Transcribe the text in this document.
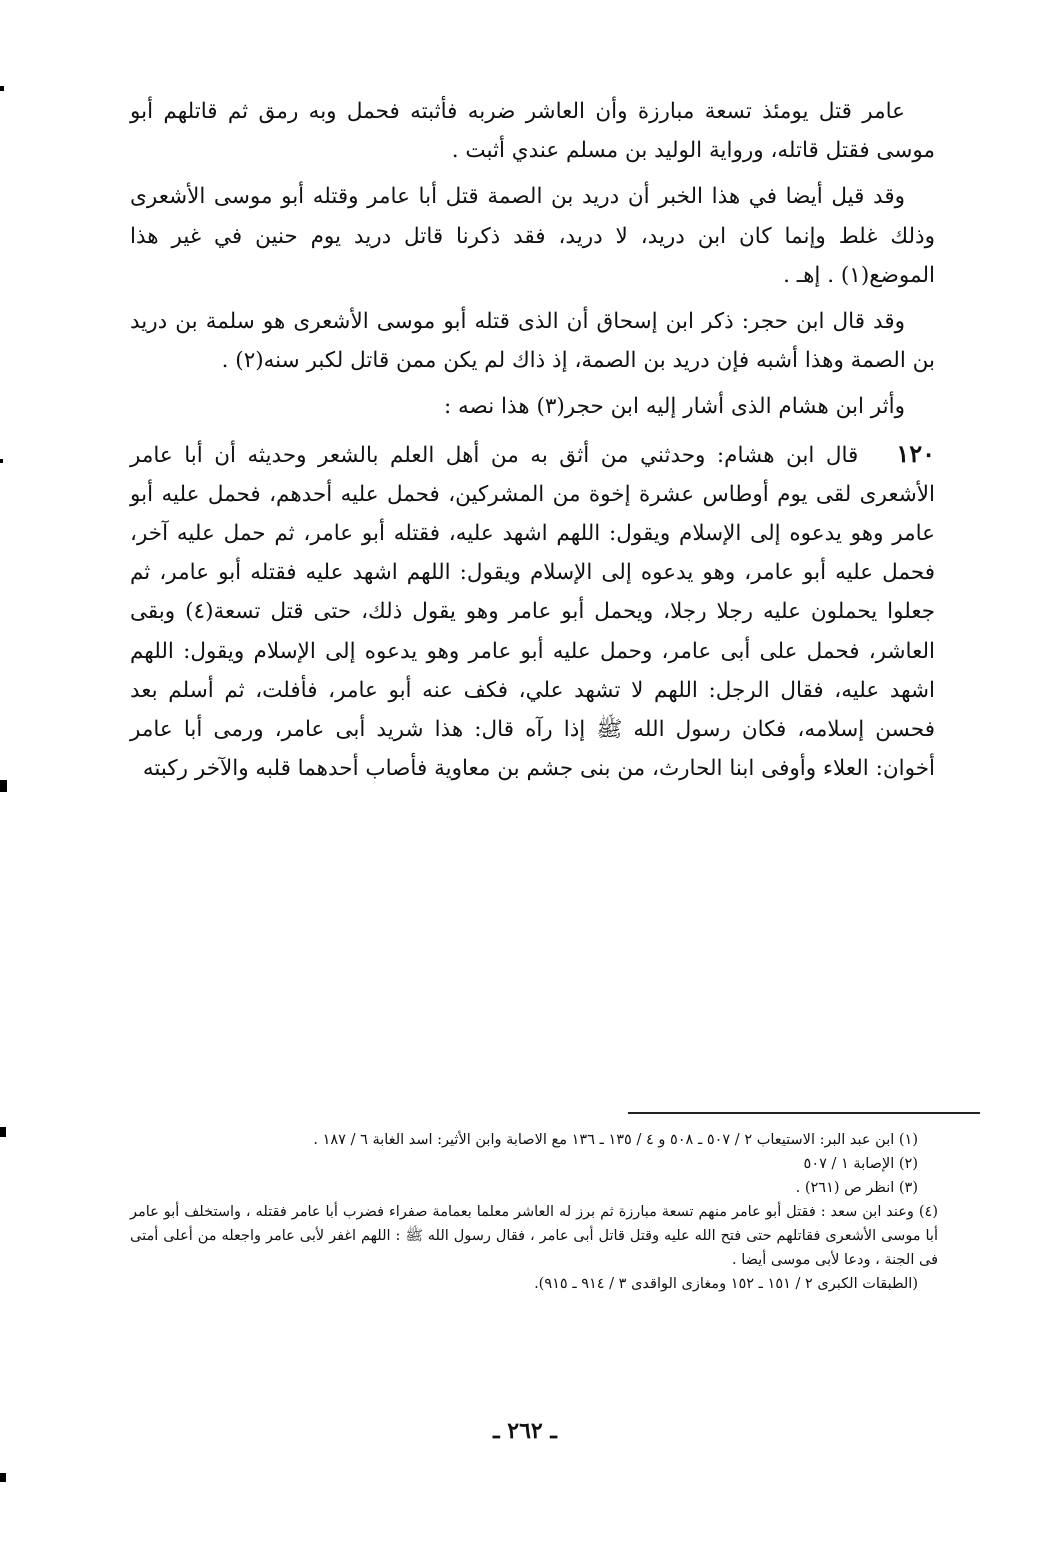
عامر قتل يومئذ تسعة مبارزة وأن العاشر ضربه فأثبته فحمل وبه رمق ثم قاتلهم أبو موسى فقتل قاتله، ورواية الوليد بن مسلم عندي أثبت .

وقد قيل أيضا في هذا الخبر أن دريد بن الصمة قتل أبا عامر وقتله أبو موسى الأشعرى وذلك غلط وإنما كان ابن دريد، لا دريد، فقد ذكرنا قاتل دريد يوم حنين في غير هذا الموضع(١) . إهـ .

وقد قال ابن حجر: ذكر ابن إسحاق أن الذى قتله أبو موسى الأشعرى هو سلمة بن دريد بن الصمة وهذا أشبه فإن دريد بن الصمة، إذ ذاك لم يكن ممن قاتل لكبر سنه(٢) .

وأثر ابن هشام الذى أشار إليه ابن حجر(٣) هذا نصه :

١٢٠قال ابن هشام: وحدثني من أثق به من أهل العلم بالشعر وحديثه أن أبا عامر الأشعرى لقى يوم أوطاس عشرة إخوة من المشركين، فحمل عليه أحدهم، فحمل عليه أبو عامر وهو يدعوه إلى الإسلام ويقول: اللهم اشهد عليه، فقتله أبو عامر، ثم حمل عليه آخر، فحمل عليه أبو عامر، وهو يدعوه إلى الإسلام ويقول: اللهم اشهد عليه فقتله أبو عامر، ثم جعلوا يحملون عليه رجلا رجلا، ويحمل أبو عامر وهو يقول ذلك، حتى قتل تسعة(٤) وبقى العاشر، فحمل على أبى عامر، وحمل عليه أبو عامر وهو يدعوه إلى الإسلام ويقول: اللهم اشهد عليه، فقال الرجل: اللهم لا تشهد علي، فكف عنه أبو عامر، فأفلت، ثم أسلم بعد فحسن إسلامه، فكان رسول الله ﷺ إذا رآه قال: هذا شريد أبى عامر، ورمى أبا عامر أخوان: العلاء وأوفى ابنا الحارث، من بنى جشم بن معاوية فأصاب أحدهما قلبه والآخر ركبته

(١) ابن عبد البر: الاستيعاب ٢ / ٥٠٧ ـ ٥٠٨ و ٤ / ١٣٥ ـ ١٣٦ مع الاصابة وابن الأثير: اسد الغابة ٦ / ١٨٧ .

(٢) الإصابة ١ / ٥٠٧

(٣) انظر ص (٢٦١) .

(٤) وعند ابن سعد : فقتل أبو عامر منهم تسعة مبارزة ثم برز له العاشر معلما بعمامة صفراء فضرب أبا عامر فقتله ، واستخلف أبو عامر أبا موسى الأشعرى فقاتلهم حتى فتح الله عليه وقتل قاتل أبى عامر ، فقال رسول الله ﷺ : اللهم اغفر لأبى عامر واجعله من أعلى أمتى فى الجنة ، ودعا لأبى موسى أيضا .

(الطبقات الكبرى ٢ / ١٥١ ـ ١٥٢ ومغازى الواقدى ٣ / ٩١٤ ـ ٩١٥).

ـ ٢٦٢ ـ
